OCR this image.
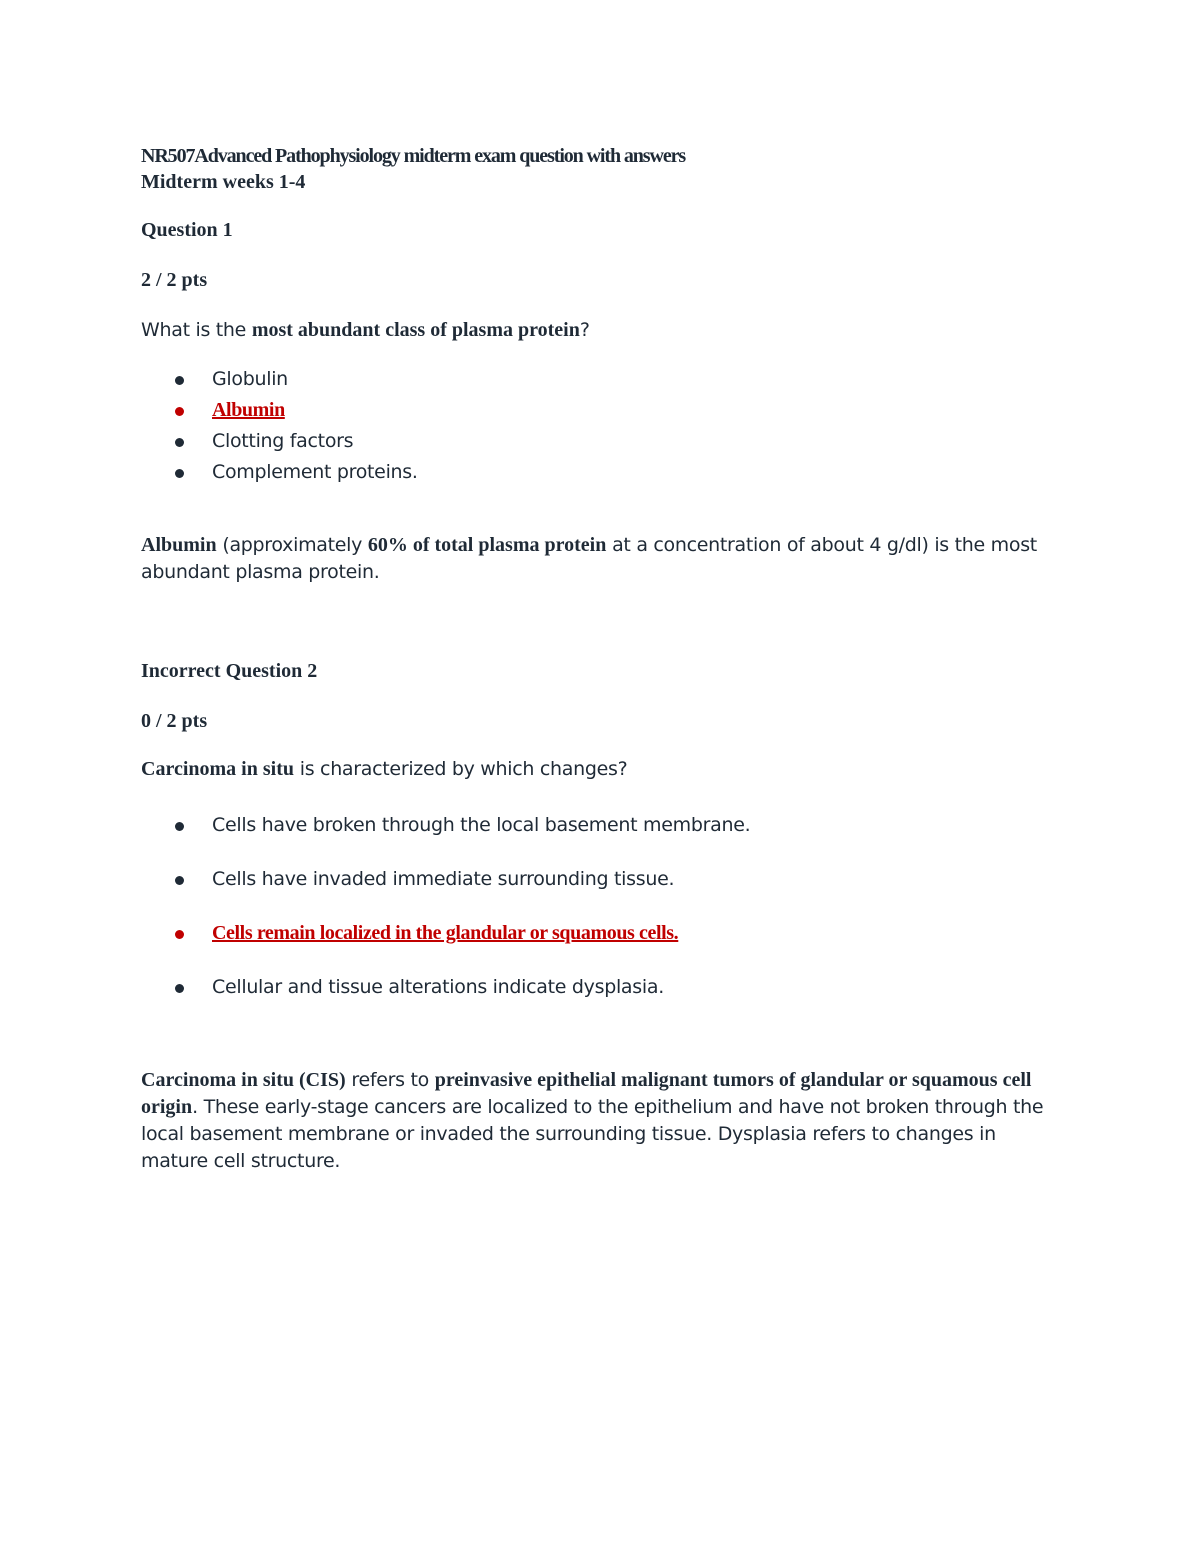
NR507Advanced Pathophysiology midterm exam question with answers

Midterm weeks 1-4

Question 1

2 / 2 pts

What is the most abundant class of plasma protein?

Globulin
Albumin
Clotting factors
Complement proteins.

Albumin (approximately 60% of total plasma protein at a concentration of about 4 g/dl) is the most abundant plasma protein.

Incorrect Question 2

0 / 2 pts

Carcinoma in situ is characterized by which changes?

Cells have broken through the local basement membrane.
Cells have invaded immediate surrounding tissue.
Cells remain localized in the glandular or squamous cells.
Cellular and tissue alterations indicate dysplasia.

Carcinoma in situ (CIS) refers to preinvasive epithelial malignant tumors of glandular or squamous cell origin. These early-stage cancers are localized to the epithelium and have not broken through the local basement membrane or invaded the surrounding tissue. Dysplasia refers to changes in mature cell structure.
